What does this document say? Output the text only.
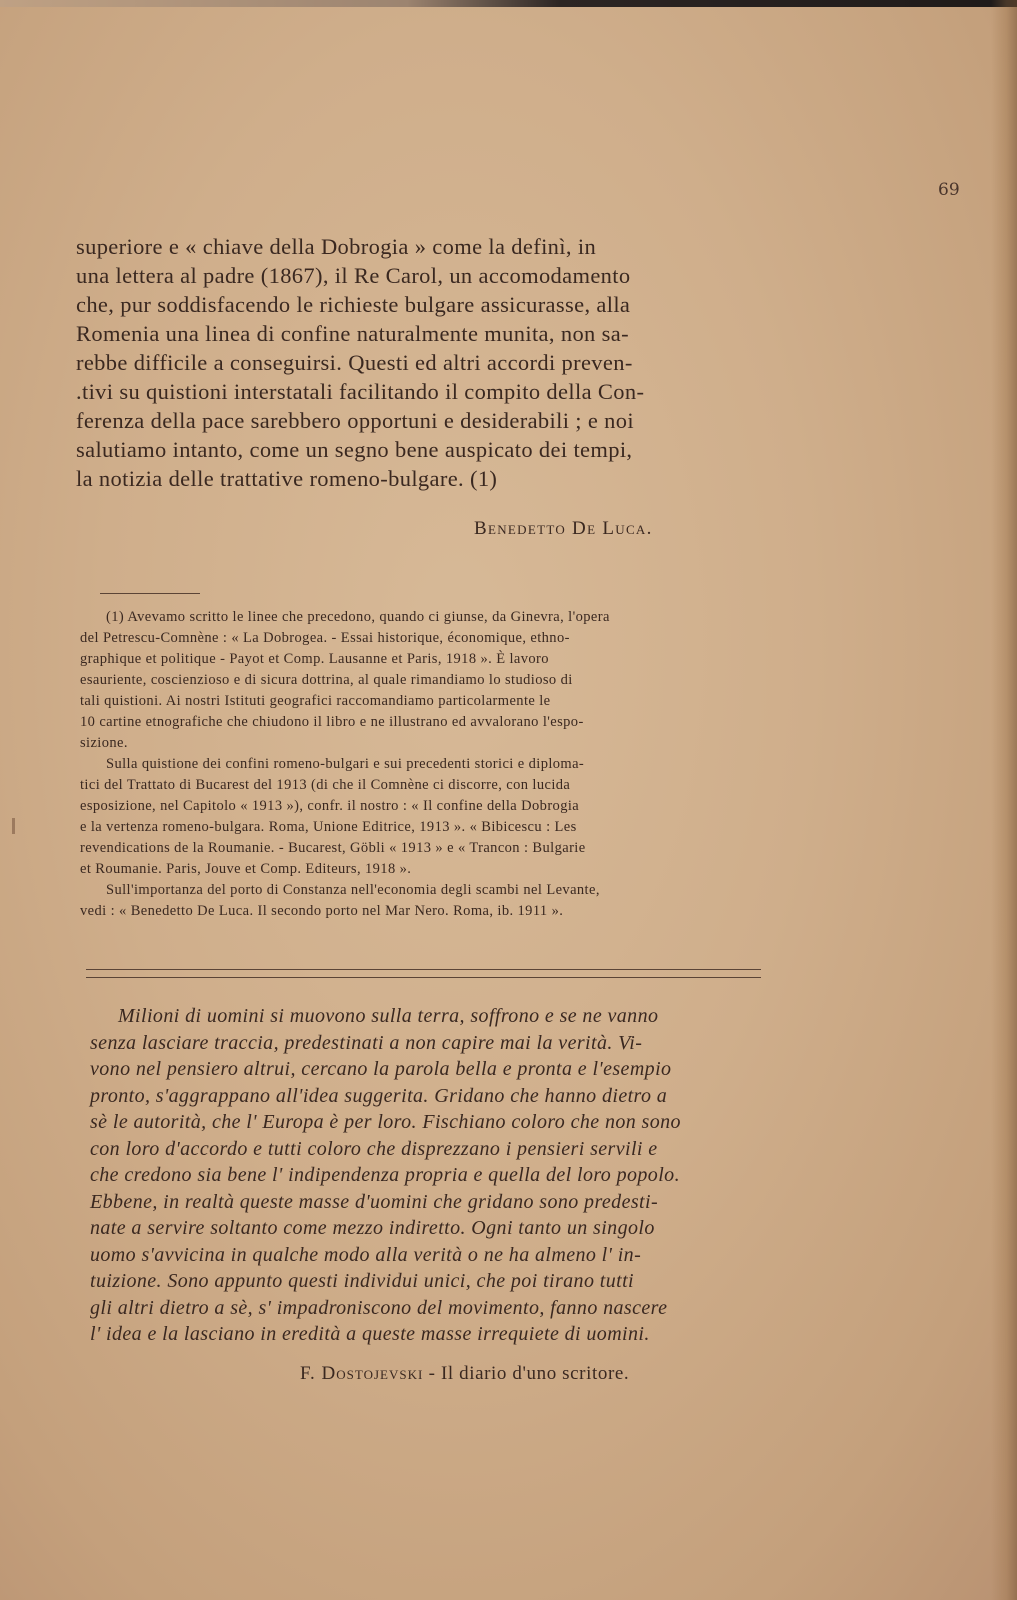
69
superiore e « chiave della Dobrogia » come la definì, in
una lettera al padre (1867), il Re Carol, un accomodamento
che, pur soddisfacendo le richieste bulgare assicurasse, alla
Romenia una linea di confine naturalmente munita, non sa-
rebbe difficile a conseguirsi. Questi ed altri accordi preven-
.tivi su quistioni interstatali facilitando il compito della Con-
ferenza della pace sarebbero opportuni e desiderabili ; e noi
salutiamo intanto, come un segno bene auspicato dei tempi,
la notizia delle trattative romeno-bulgare. (1)
Benedetto De Luca.
(1) Avevamo scritto le linee che precedono, quando ci giunse, da Ginevra, l'opera
del Petrescu-Comnène : « La Dobrogea. - Essai historique, économique, ethno-
graphique et politique - Payot et Comp. Lausanne et Paris, 1918 ». È lavoro
esauriente, coscienzioso e di sicura dottrina, al quale rimandiamo lo studioso di
tali quistioni. Ai nostri Istituti geografici raccomandiamo particolarmente le
10 cartine etnografiche che chiudono il libro e ne illustrano ed avvalorano l'espo-
sizione.
Sulla quistione dei confini romeno-bulgari e sui precedenti storici e diploma-
tici del Trattato di Bucarest del 1913 (di che il Comnène ci discorre, con lucida
esposizione, nel Capitolo « 1913 »), confr. il nostro : « Il confine della Dobrogia
e la vertenza romeno-bulgara. Roma, Unione Editrice, 1913 ». « Bibicescu : Les
revendications de la Roumanie. - Bucarest, Göbli « 1913 » e « Trancon : Bulgarie
et Roumanie. Paris, Jouve et Comp. Editeurs, 1918 ».
Sull'importanza del porto di Constanza nell'economia degli scambi nel Levante,
vedi : « Benedetto De Luca. Il secondo porto nel Mar Nero. Roma, ib. 1911 ».
Milioni di uomini si muovono sulla terra, soffrono e se ne vanno
senza lasciare traccia, predestinati a non capire mai la verità. Vi-
vono nel pensiero altrui, cercano la parola bella e pronta e l'esempio
pronto, s'aggrappano all'idea suggerita. Gridano che hanno dietro a
sè le autorità, che l' Europa è per loro. Fischiano coloro che non sono
con loro d'accordo e tutti coloro che disprezzano i pensieri servili e
che credono sia bene l' indipendenza propria e quella del loro popolo.
Ebbene, in realtà queste masse d'uomini che gridano sono predesti-
nate a servire soltanto come mezzo indiretto. Ogni tanto un singolo
uomo s'avvicina in qualche modo alla verità o ne ha almeno l' in-
tuizione. Sono appunto questi individui unici, che poi tirano tutti
gli altri dietro a sè, s' impadroniscono del movimento, fanno nascere
l' idea e la lasciano in eredità a queste masse irrequiete di uomini.
F. Dostojevski - Il diario d'uno scritore.
